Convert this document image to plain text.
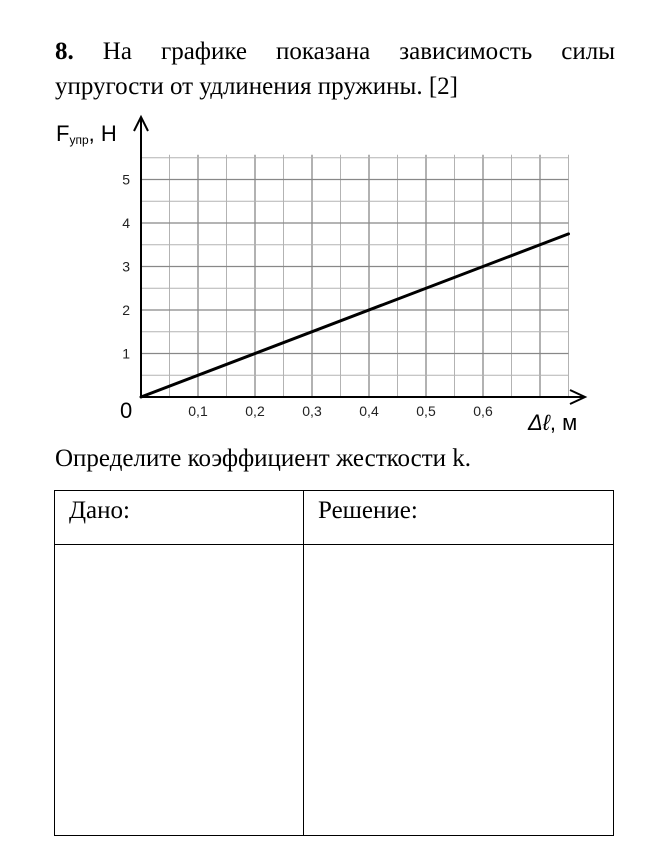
8. На графике показана зависимость силы упругости от удлинения пружины. [2]
0,1	0,2	0,3	0,4	0,5	0,6
1
2
3
4
5
Fупр, Н
0	Δℓ, м
Определите коэффициент жесткости k.
Дано:	Решение:
